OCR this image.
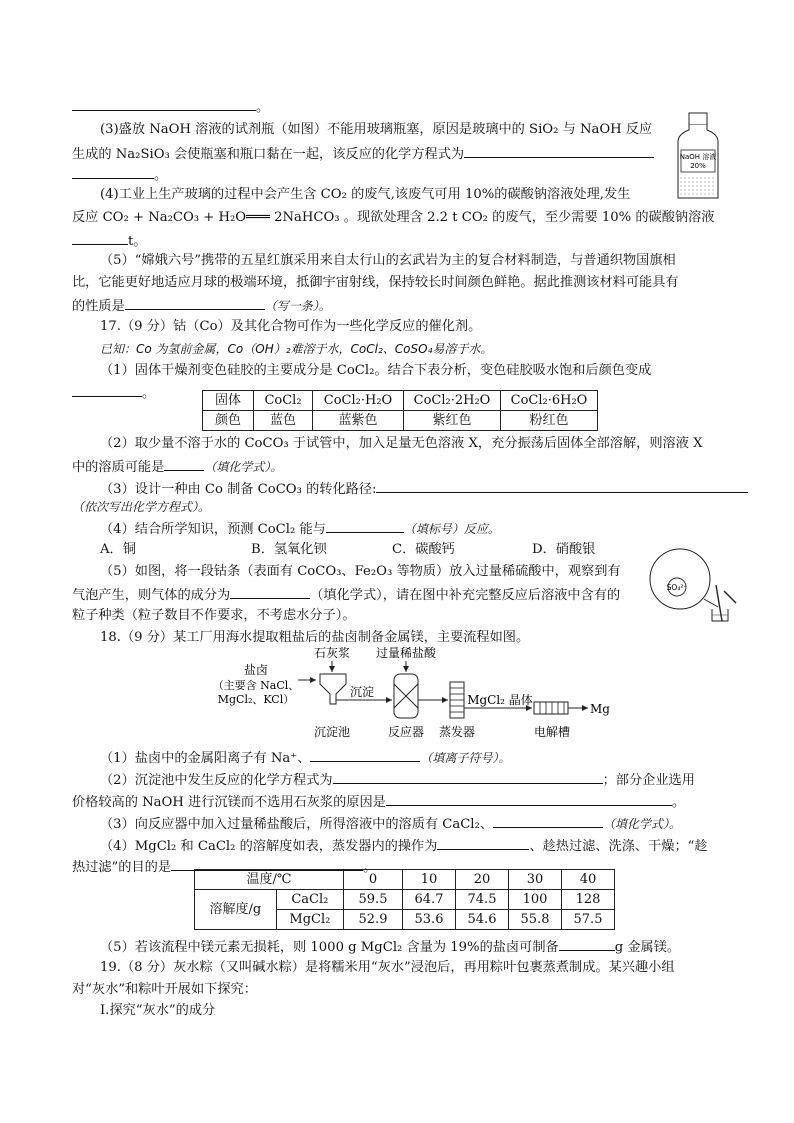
。
(3)盛放 NaOH 溶液的试剂瓶（如图）不能用玻璃瓶塞，原因是玻璃中的 SiO₂ 与 NaOH 反应
生成的 Na₂SiO₃ 会使瓶塞和瓶口黏在一起，该反应的化学方程式为
。
NaOH 溶液
20%
(4)工业上生产玻璃的过程中会产生含 CO₂ 的废气,该废气可用 10%的碳酸钠溶液处理,发生
反应 CO₂ + Na₂CO₃ + H₂O═══ 2NaHCO₃ 。现欲处理含 2.2 t CO₂ 的废气，至少需要 10% 的碳酸钠溶液
t。
（5）“嫦娥六号”携带的五星红旗采用来自太行山的玄武岩为主的复合材料制造，与普通织物国旗相
比，它能更好地适应月球的极端环境，抵御宇宙射线，保持较长时间颜色鲜艳。据此推测该材料可能具有
的性质是	（写一条）。
17.（9 分）钴（Co）及其化合物可作为一些化学反应的催化剂。
已知：Co 为氢前金属，Co（OH）₂难溶于水，CoCl₂、CoSO₄易溶于水。
（1）固体干燥剂变色硅胶的主要成分是 CoCl₂。结合下表分析，变色硅胶吸水饱和后颜色变成
。	固体	CoCl₂	CoCl₂·H₂O	CoCl₂·2H₂O	CoCl₂·6H₂O
颜色	蓝色	蓝紫色	紫红色	粉红色
（2）取少量不溶于水的 CoCO₃ 于试管中，加入足量无色溶液 X，充分振荡后固体全部溶解，则溶液 X
中的溶质可能是	（填化学式）。
（3）设计一种由 Co 制备 CoCO₃ 的转化路径:
（依次写出化学方程式）。
（4）结合所学知识，预测 CoCl₂ 能与	（填标号）反应。
A．铜	B．氢氧化钡	C．碳酸钙	D．硝酸银
（5）如图，将一段钴条（表面有 CoCO₃、Fe₂O₃ 等物质）放入过量稀硫酸中，观察到有
气泡产生，则气体的成分为	（填化学式），请在图中补充完整反应后溶液中含有的
粒子种类（粒子数目不作要求，不考虑水分子）。
SO₄²⁻
18.（9 分）某工厂用海水提取粗盐后的盐卤制备金属镁，主要流程如图。
盐卤
（主要含 NaCl、
MgCl₂、KCl）
石灰浆
沉淀池
沉淀
过量稀盐酸
反应器 蒸发器
MgCl₂ 晶体
电解槽
Mg
（1）盐卤中的金属阳离子有 Na⁺、	（填离子符号）。
（2）沉淀池中发生反应的化学方程式为	；部分企业选用
价格较高的 NaOH 进行沉镁而不选用石灰浆的原因是	。
（3）向反应器中加入过量稀盐酸后，所得溶液中的溶质有 CaCl₂、	（填化学式）。
（4）MgCl₂ 和 CaCl₂ 的溶解度如表，蒸发器内的操作为	、趁热过滤、洗涤、干燥；“趁
热过滤”的目的是	。
温度/℃		0	10	20	30	40
溶解度/g	CaCl₂	59.5	64.7	74.5	100	128
	MgCl₂	52.9	53.6	54.6	55.8	57.5
（5）若该流程中镁元素无损耗，则 1000 g MgCl₂ 含量为 19%的盐卤可制备	g 金属镁。
19.（8 分）灰水粽（又叫碱水粽）是将糯米用“灰水”浸泡后，再用粽叶包裹蒸煮制成。某兴趣小组
对“灰水”和粽叶开展如下探究：
Ⅰ.探究“灰水”的成分
